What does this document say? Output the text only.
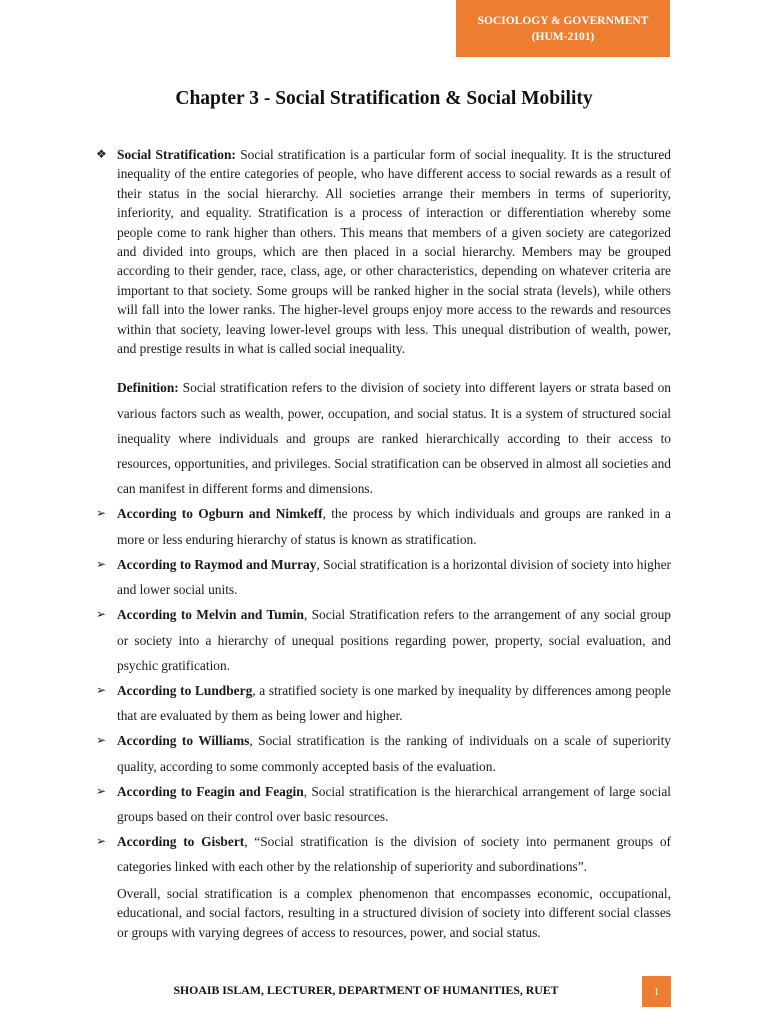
SOCIOLOGY & GOVERNMENT
(HUM-2101)
Chapter 3 - Social Stratification & Social Mobility
❖ Social Stratification: Social stratification is a particular form of social inequality. It is the structured inequality of the entire categories of people, who have different access to social rewards as a result of their status in the social hierarchy. All societies arrange their members in terms of superiority, inferiority, and equality. Stratification is a process of interaction or differentiation whereby some people come to rank higher than others. This means that members of a given society are categorized and divided into groups, which are then placed in a social hierarchy. Members may be grouped according to their gender, race, class, age, or other characteristics, depending on whatever criteria are important to that society. Some groups will be ranked higher in the social strata (levels), while others will fall into the lower ranks. The higher-level groups enjoy more access to the rewards and resources within that society, leaving lower-level groups with less. This unequal distribution of wealth, power, and prestige results in what is called social inequality.
Definition: Social stratification refers to the division of society into different layers or strata based on various factors such as wealth, power, occupation, and social status. It is a system of structured social inequality where individuals and groups are ranked hierarchically according to their access to resources, opportunities, and privileges. Social stratification can be observed in almost all societies and can manifest in different forms and dimensions.
➢ According to Ogburn and Nimkeff, the process by which individuals and groups are ranked in a more or less enduring hierarchy of status is known as stratification.
➢ According to Raymod and Murray, Social stratification is a horizontal division of society into higher and lower social units.
➢ According to Melvin and Tumin, Social Stratification refers to the arrangement of any social group or society into a hierarchy of unequal positions regarding power, property, social evaluation, and psychic gratification.
➢ According to Lundberg, a stratified society is one marked by inequality by differences among people that are evaluated by them as being lower and higher.
➢ According to Williams, Social stratification is the ranking of individuals on a scale of superiority quality, according to some commonly accepted basis of the evaluation.
➢ According to Feagin and Feagin, Social stratification is the hierarchical arrangement of large social groups based on their control over basic resources.
➢ According to Gisbert, “Social stratification is the division of society into permanent groups of categories linked with each other by the relationship of superiority and subordinations”.
Overall, social stratification is a complex phenomenon that encompasses economic, occupational, educational, and social factors, resulting in a structured division of society into different social classes or groups with varying degrees of access to resources, power, and social status.
SHOAIB ISLAM, LECTURER, DEPARTMENT OF HUMANITIES, RUET	1
